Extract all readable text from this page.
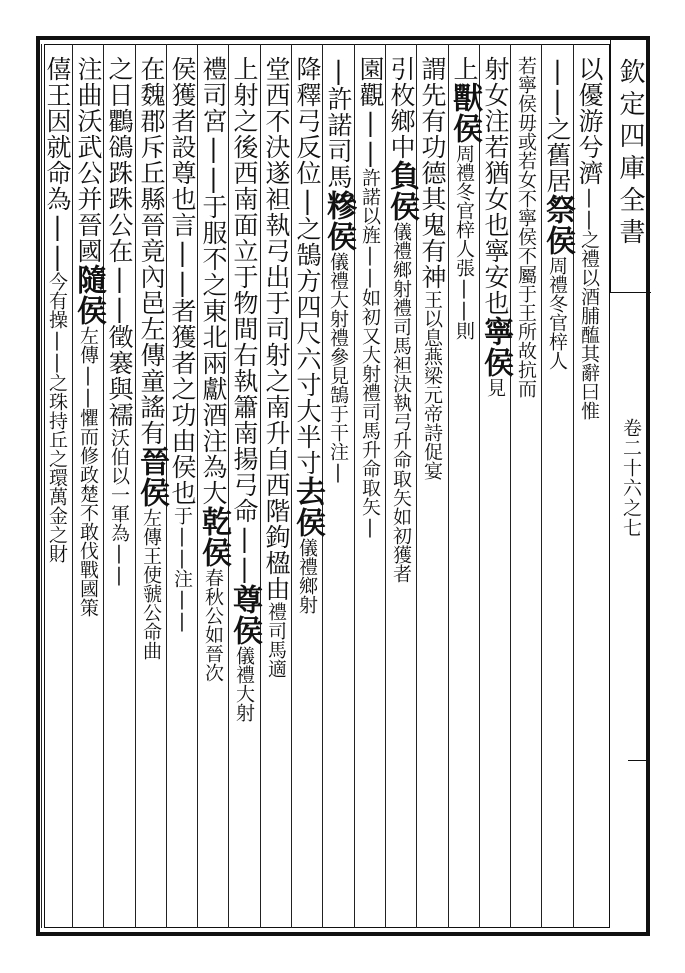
欽定四庫全書
卷二十六之七
以優游兮濟||之禮以酒脯醢其辭曰惟
||之舊居祭侯周禮冬官梓人
若寧侯毋或若女不寧侯不屬于王所故抗而
射女注若猶女也寧安也寧侯見
上獸侯周禮冬官梓人張||則
謂先有功德其鬼有神王以息燕梁元帝詩促宴
引枚鄉中負侯儀禮鄉射禮司馬袒決執弓升命取矢如初獲者
園觀||許諾以旌||如初又大射禮司馬升命取矢|
|許諾司馬糝侯儀禮大射禮參見鵠于干注|
降釋弓反位|之鵠方四尺六寸大半寸去侯儀禮鄉射
堂西不決遂袒執弓出于司射之南升自西階鉤楹由禮司馬適
上射之後西南面立于物間右執簫南揚弓命||尊侯儀禮大射
禮司宮||于服不之東北兩獻酒注為大乾侯春秋公如晉次
侯獲者設尊也言||者獲者之功由侯也于||注||
在魏郡斥丘縣晉竟內邑左傳童謠有晉侯左傳王使虢公命曲
之日鸜鵒跦跦公在||徵褰與襦沃伯以一軍為||
注曲沃武公并晉國隨侯左傳||懼而修政楚不敢伐戰國策
僖王因就命為||今有操||之珠持丘之環萬金之財
